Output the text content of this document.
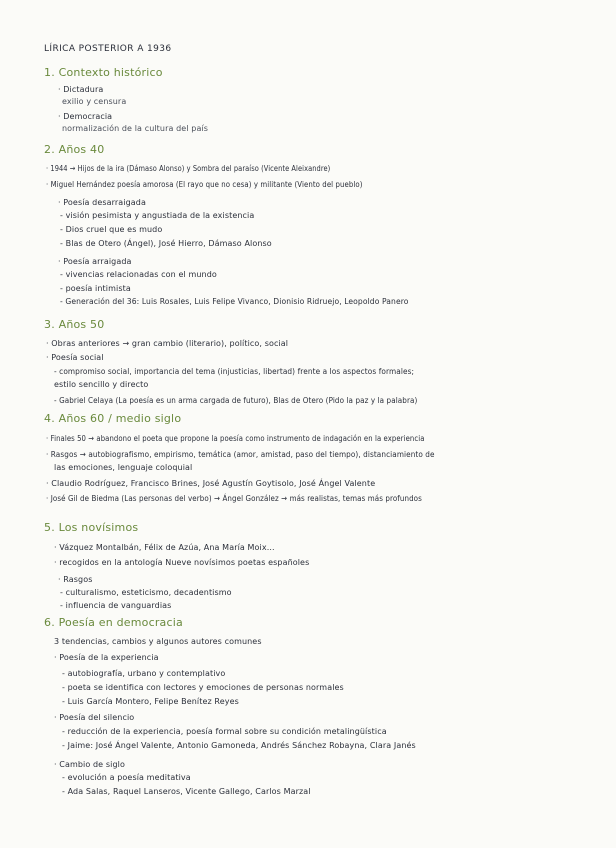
LÍRICA POSTERIOR A 1936
1. Contexto histórico
· Dictadura
exilio y censura
· Democracia
normalización de la cultura del país
2. Años 40
· 1944 → Hijos de la ira (Dámaso Alonso) y Sombra del paraíso (Vicente Aleixandre)
· Miguel Hernández poesía amorosa (El rayo que no cesa) y militante (Viento del pueblo)
· Poesía desarraigada
- visión pesimista y angustiada de la existencia
- Dios cruel que es mudo
- Blas de Otero (Ángel), José Hierro, Dámaso Alonso
· Poesía arraigada
- vivencias relacionadas con el mundo
- poesía intimista
- Generación del 36: Luis Rosales, Luis Felipe Vivanco, Dionisio Ridruejo, Leopoldo Panero
3. Años 50
· Obras anteriores → gran cambio (literario), político, social
· Poesía social
- compromiso social, importancia del tema (injusticias, libertad) frente a los aspectos formales;
estilo sencillo y directo
- Gabriel Celaya (La poesía es un arma cargada de futuro), Blas de Otero (Pido la paz y la palabra)
4. Años 60 / medio siglo
· Finales 50 → abandono el poeta que propone la poesía como instrumento de indagación en la experiencia
· Rasgos → autobiografismo, empirismo, temática (amor, amistad, paso del tiempo), distanciamiento de
las emociones, lenguaje coloquial
· Claudio Rodríguez, Francisco Brines, José Agustín Goytisolo, José Ángel Valente
· José Gil de Biedma (Las personas del verbo) → Ángel González → más realistas, temas más profundos
5. Los novísimos
· Vázquez Montalbán, Félix de Azúa, Ana María Moix...
· recogidos en la antología Nueve novísimos poetas españoles
· Rasgos
- culturalismo, esteticismo, decadentismo
- influencia de vanguardias
6. Poesía en democracia
3 tendencias, cambios y algunos autores comunes
· Poesía de la experiencia
- autobiografía, urbano y contemplativo
- poeta se identifica con lectores y emociones de personas normales
- Luis García Montero, Felipe Benítez Reyes
· Poesía del silencio
- reducción de la experiencia, poesía formal sobre su condición metalingüística
- Jaime: José Ángel Valente, Antonio Gamoneda, Andrés Sánchez Robayna, Clara Janés
· Cambio de siglo
- evolución a poesía meditativa
- Ada Salas, Raquel Lanseros, Vicente Gallego, Carlos Marzal
